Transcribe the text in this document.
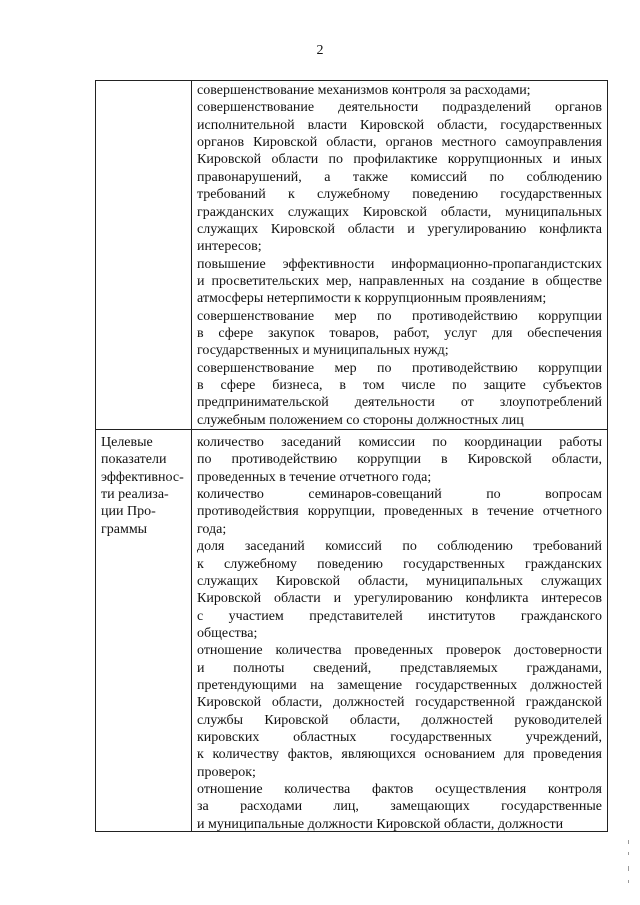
2
совершенствование механизмов контроля за расходами;
совершенствование деятельности подразделений органов
исполнительной власти Кировской области, государственных
органов Кировской области, органов местного самоуправления
Кировской области по профилактике коррупционных и иных
правонарушений, а также комиссий по соблюдению
требований к служебному поведению государственных
гражданских служащих Кировской области, муниципальных
служащих Кировской области и урегулированию конфликта
интересов;
повышение эффективности информационно-пропагандистских
и просветительских мер, направленных на создание в обществе
атмосферы нетерпимости к коррупционным проявлениям;
совершенствование мер по противодействию коррупции
в сфере закупок товаров, работ, услуг для обеспечения
государственных и муниципальных нужд;
совершенствование мер по противодействию коррупции
в сфере бизнеса, в том числе по защите субъектов
предпринимательской деятельности от злоупотреблений
служебным положением со стороны должностных лиц
Целевые
показатели
эффективнос-
ти реализа-
ции Про-
граммы
количество заседаний комиссии по координации работы
по противодействию коррупции в Кировской области,
проведенных в течение отчетного года;
количество семинаров-совещаний по вопросам
противодействия коррупции, проведенных в течение отчетного
года;
доля заседаний комиссий по соблюдению требований
к служебному поведению государственных гражданских
служащих Кировской области, муниципальных служащих
Кировской области и урегулированию конфликта интересов
с участием представителей институтов гражданского
общества;
отношение количества проведенных проверок достоверности
и полноты сведений, представляемых гражданами,
претендующими на замещение государственных должностей
Кировской области, должностей государственной гражданской
службы Кировской области, должностей руководителей
кировских областных государственных учреждений,
к количеству фактов, являющихся основанием для проведения
проверок;
отношение количества фактов осуществления контроля
за расходами лиц, замещающих государственные
и муниципальные должности Кировской области, должности
